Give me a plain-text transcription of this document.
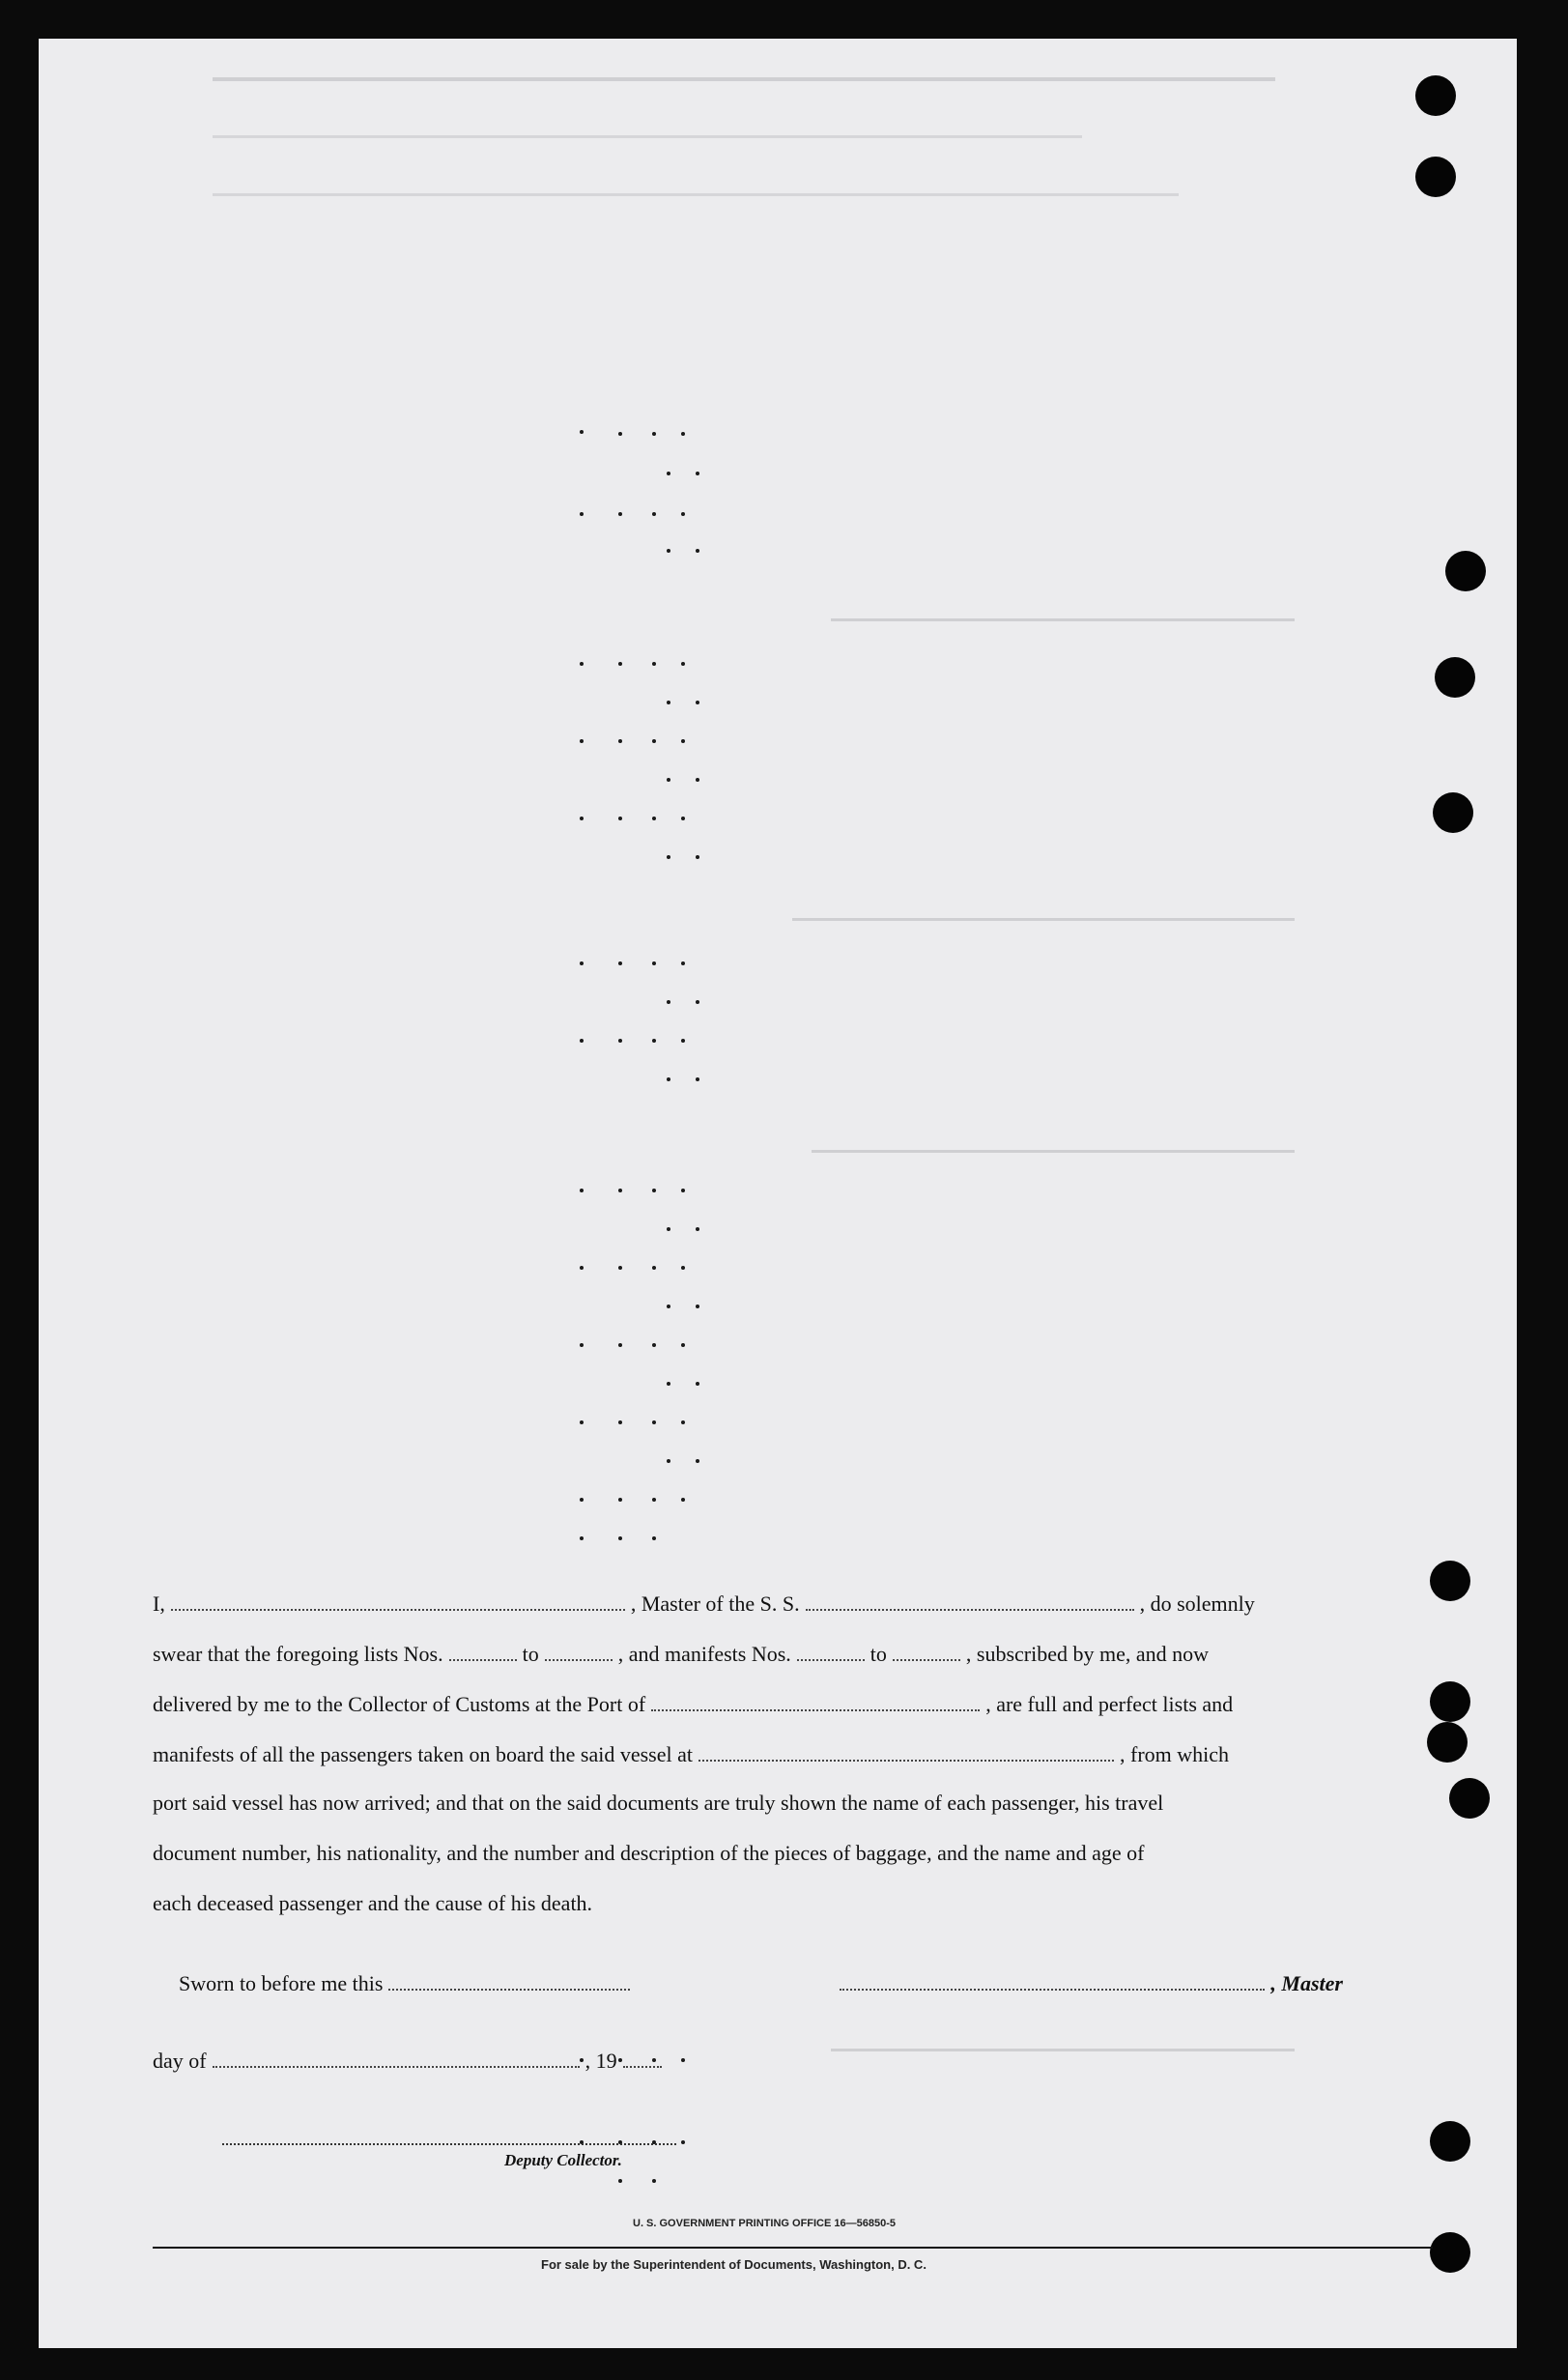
I,	, Master of the S. S.	, do solemnly
swear that the foregoing lists Nos.	to	, and manifests Nos.	to	, subscribed by me, and now
delivered by me to the Collector of Customs at the Port of	, are full and perfect lists and
manifests of all the passengers taken on board the said vessel at	, from which
port said vessel has now arrived; and that on the said documents are truly shown the name of each passenger, his travel
document number, his nationality, and the number and description of the pieces of baggage, and the name and age of
each deceased passenger and the cause of his death.
Sworn to before me this	, Master
day of	, 19
Deputy Collector.
U. S. GOVERNMENT PRINTING OFFICE 16—56850-5
For sale by the Superintendent of Documents, Washington, D. C.
